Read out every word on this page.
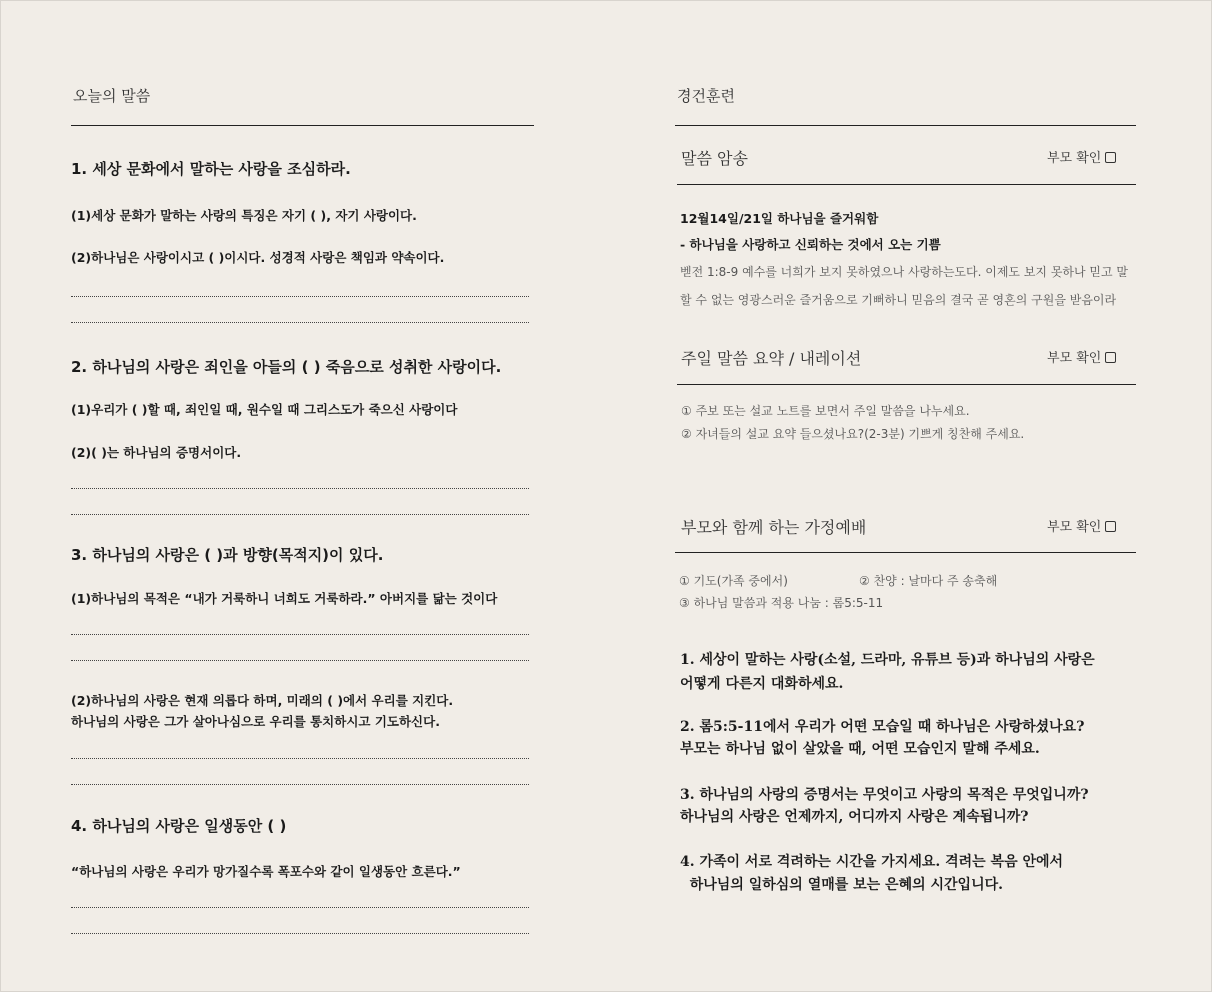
오늘의 말씀
1. 세상 문화에서 말하는 사랑을 조심하라.
(1)세상 문화가 말하는 사랑의 특징은 자기 ( ), 자기 사랑이다.
(2)하나님은 사랑이시고 ( )이시다. 성경적 사랑은 책임과 약속이다.
2. 하나님의 사랑은 죄인을 아들의 ( ) 죽음으로 성취한 사랑이다.
(1)우리가 ( )할 때, 죄인일 때, 원수일 때 그리스도가 죽으신 사랑이다
(2)( )는 하나님의 증명서이다.
3. 하나님의 사랑은 ( )과 방향(목적지)이 있다.
(1)하나님의 목적은 “내가 거룩하니 너희도 거룩하라.” 아버지를 닮는 것이다
(2)하나님의 사랑은 현재 의롭다 하며, 미래의 ( )에서 우리를 지킨다.
하나님의 사랑은 그가 살아나심으로 우리를 통치하시고 기도하신다.
4. 하나님의 사랑은 일생동안 ( )
“하나님의 사랑은 우리가 망가질수록 폭포수와 같이 일생동안 흐른다.”
경건훈련
말씀 암송	부모 확인
12월14일/21일 하나님을 즐거워함
- 하나님을 사랑하고 신뢰하는 것에서 오는 기쁨
벧전 1:8-9 예수를 너희가 보지 못하였으나 사랑하는도다. 이제도 보지 못하나 믿고 말
할 수 없는 영광스러운 즐거움으로 기뻐하니 믿음의 결국 곧 영혼의 구원을 받음이라
주일 말씀 요약 / 내레이션	부모 확인
① 주보 또는 설교 노트를 보면서 주일 말씀을 나누세요.
② 자녀들의 설교 요약 들으셨나요?(2-3분) 기쁘게 칭찬해 주세요.
부모와 함께 하는 가정예배	부모 확인
① 기도(가족 중에서)	② 찬양 : 날마다 주 송축해
③ 하나님 말씀과 적용 나눔 : 롬5:5-11
1. 세상이 말하는 사랑(소설, 드라마, 유튜브 등)과 하나님의 사랑은
어떻게 다른지 대화하세요.
2. 롬5:5-11에서 우리가 어떤 모습일 때 하나님은 사랑하셨나요?
부모는 하나님 없이 살았을 때, 어떤 모습인지 말해 주세요.
3. 하나님의 사랑의 증명서는 무엇이고 사랑의 목적은 무엇입니까?
하나님의 사랑은 언제까지, 어디까지 사랑은 계속됩니까?
4. 가족이 서로 격려하는 시간을 가지세요. 격려는 복음 안에서
하나님의 일하심의 열매를 보는 은혜의 시간입니다.
